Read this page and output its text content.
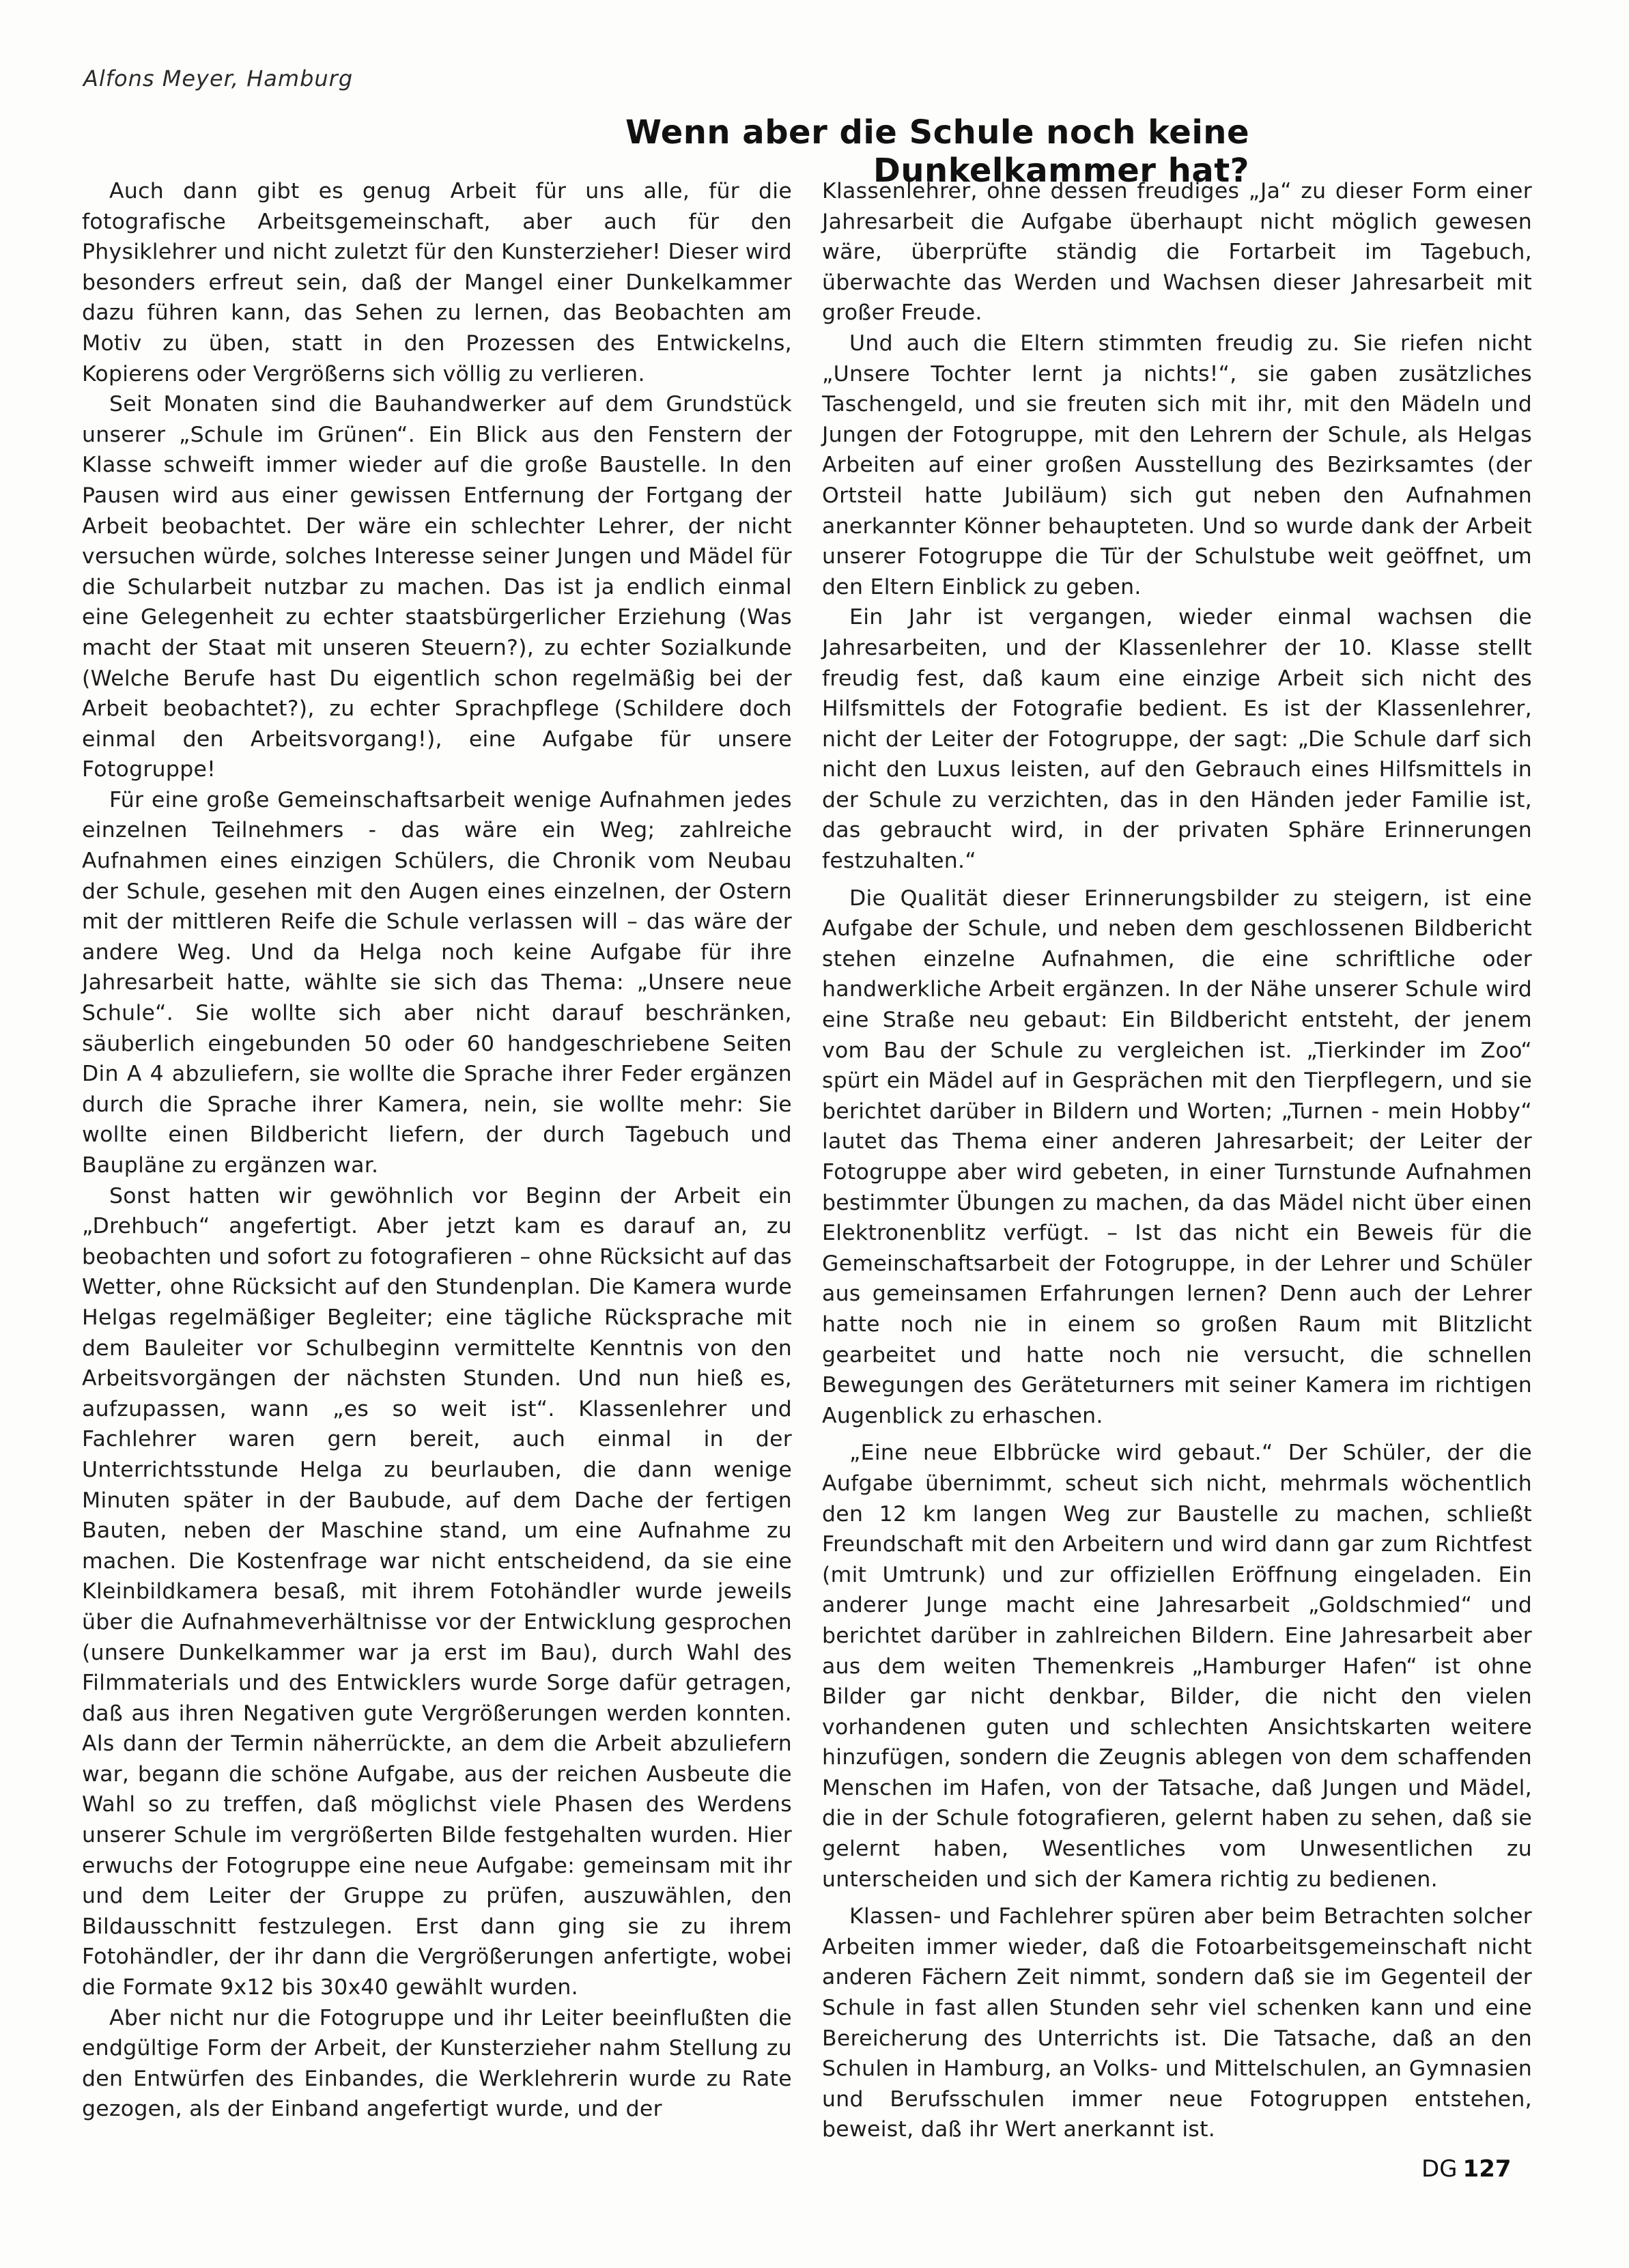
Alfons Meyer, Hamburg
Wenn aber die Schule noch keine Dunkelkammer hat?

Auch dann gibt es genug Arbeit für uns alle, für die fotografische Arbeitsgemeinschaft, aber auch für den Physiklehrer und nicht zuletzt für den Kunsterzieher! Dieser wird besonders erfreut sein, daß der Mangel einer Dunkelkammer dazu führen kann, das Sehen zu lernen, das Beobachten am Motiv zu üben, statt in den Prozessen des Entwickelns, Kopierens oder Vergrößerns sich völlig zu verlieren.

Seit Monaten sind die Bauhandwerker auf dem Grundstück unserer „Schule im Grünen“. Ein Blick aus den Fenstern der Klasse schweift immer wieder auf die große Baustelle. In den Pausen wird aus einer gewissen Entfernung der Fortgang der Arbeit beobachtet. Der wäre ein schlechter Lehrer, der nicht versuchen würde, solches Interesse seiner Jungen und Mädel für die Schularbeit nutzbar zu machen. Das ist ja endlich einmal eine Gelegenheit zu echter staatsbürgerlicher Erziehung (Was macht der Staat mit unseren Steuern?), zu echter Sozialkunde (Welche Berufe hast Du eigentlich schon regelmäßig bei der Arbeit beobachtet?), zu echter Sprachpflege (Schildere doch einmal den Arbeitsvorgang!), eine Aufgabe für unsere Fotogruppe!

Für eine große Gemeinschaftsarbeit wenige Aufnahmen jedes einzelnen Teilnehmers - das wäre ein Weg; zahlreiche Aufnahmen eines einzigen Schülers, die Chronik vom Neubau der Schule, gesehen mit den Augen eines einzelnen, der Ostern mit der mittleren Reife die Schule verlassen will – das wäre der andere Weg. Und da Helga noch keine Aufgabe für ihre Jahresarbeit hatte, wählte sie sich das Thema: „Unsere neue Schule“. Sie wollte sich aber nicht darauf beschränken, säuberlich eingebunden 50 oder 60 handgeschriebene Seiten Din A 4 abzuliefern, sie wollte die Sprache ihrer Feder ergänzen durch die Sprache ihrer Kamera, nein, sie wollte mehr: Sie wollte einen Bildbericht liefern, der durch Tagebuch und Baupläne zu ergänzen war.

Sonst hatten wir gewöhnlich vor Beginn der Arbeit ein „Drehbuch“ angefertigt. Aber jetzt kam es darauf an, zu beobachten und sofort zu fotografieren – ohne Rücksicht auf das Wetter, ohne Rücksicht auf den Stundenplan. Die Kamera wurde Helgas regelmäßiger Begleiter; eine tägliche Rücksprache mit dem Bauleiter vor Schulbeginn vermittelte Kenntnis von den Arbeitsvorgängen der nächsten Stunden. Und nun hieß es, aufzupassen, wann „es so weit ist“. Klassenlehrer und Fachlehrer waren gern bereit, auch einmal in der Unterrichtsstunde Helga zu beurlauben, die dann wenige Minuten später in der Baubude, auf dem Dache der fertigen Bauten, neben der Maschine stand, um eine Aufnahme zu machen. Die Kostenfrage war nicht entscheidend, da sie eine Kleinbildkamera besaß, mit ihrem Fotohändler wurde jeweils über die Aufnahmeverhältnisse vor der Entwicklung gesprochen (unsere Dunkelkammer war ja erst im Bau), durch Wahl des Filmmaterials und des Entwicklers wurde Sorge dafür getragen, daß aus ihren Negativen gute Vergrößerungen werden konnten. Als dann der Termin näherrückte, an dem die Arbeit abzuliefern war, begann die schöne Aufgabe, aus der reichen Ausbeute die Wahl so zu treffen, daß möglichst viele Phasen des Werdens unserer Schule im vergrößerten Bilde festgehalten wurden. Hier erwuchs der Fotogruppe eine neue Aufgabe: gemeinsam mit ihr und dem Leiter der Gruppe zu prüfen, auszuwählen, den Bildausschnitt festzulegen. Erst dann ging sie zu ihrem Fotohändler, der ihr dann die Vergrößerungen anfertigte, wobei die Formate 9x12 bis 30x40 gewählt wurden.

Aber nicht nur die Fotogruppe und ihr Leiter beeinflußten die endgültige Form der Arbeit, der Kunsterzieher nahm Stellung zu den Entwürfen des Einbandes, die Werklehrerin wurde zu Rate gezogen, als der Einband angefertigt wurde, und der

Klassenlehrer, ohne dessen freudiges „Ja“ zu dieser Form einer Jahresarbeit die Aufgabe überhaupt nicht möglich gewesen wäre, überprüfte ständig die Fortarbeit im Tagebuch, überwachte das Werden und Wachsen dieser Jahresarbeit mit großer Freude.

Und auch die Eltern stimmten freudig zu. Sie riefen nicht „Unsere Tochter lernt ja nichts!“, sie gaben zusätzliches Taschengeld, und sie freuten sich mit ihr, mit den Mädeln und Jungen der Fotogruppe, mit den Lehrern der Schule, als Helgas Arbeiten auf einer großen Ausstellung des Bezirksamtes (der Ortsteil hatte Jubiläum) sich gut neben den Aufnahmen anerkannter Könner behaupteten. Und so wurde dank der Arbeit unserer Fotogruppe die Tür der Schulstube weit geöffnet, um den Eltern Einblick zu geben.

Ein Jahr ist vergangen, wieder einmal wachsen die Jahresarbeiten, und der Klassenlehrer der 10. Klasse stellt freudig fest, daß kaum eine einzige Arbeit sich nicht des Hilfsmittels der Fotografie bedient. Es ist der Klassenlehrer, nicht der Leiter der Fotogruppe, der sagt: „Die Schule darf sich nicht den Luxus leisten, auf den Gebrauch eines Hilfsmittels in der Schule zu verzichten, das in den Händen jeder Familie ist, das gebraucht wird, in der privaten Sphäre Erinnerungen festzuhalten.“

Die Qualität dieser Erinnerungsbilder zu steigern, ist eine Aufgabe der Schule, und neben dem geschlossenen Bildbericht stehen einzelne Aufnahmen, die eine schriftliche oder handwerkliche Arbeit ergänzen. In der Nähe unserer Schule wird eine Straße neu gebaut: Ein Bildbericht entsteht, der jenem vom Bau der Schule zu vergleichen ist. „Tierkinder im Zoo“ spürt ein Mädel auf in Gesprächen mit den Tierpflegern, und sie berichtet darüber in Bildern und Worten; „Turnen - mein Hobby“ lautet das Thema einer anderen Jahresarbeit; der Leiter der Fotogruppe aber wird gebeten, in einer Turnstunde Aufnahmen bestimmter Übungen zu machen, da das Mädel nicht über einen Elektronenblitz verfügt. – Ist das nicht ein Beweis für die Gemeinschaftsarbeit der Fotogruppe, in der Lehrer und Schüler aus gemeinsamen Erfahrungen lernen? Denn auch der Lehrer hatte noch nie in einem so großen Raum mit Blitzlicht gearbeitet und hatte noch nie versucht, die schnellen Bewegungen des Geräteturners mit seiner Kamera im richtigen Augenblick zu erhaschen.

„Eine neue Elbbrücke wird gebaut.“ Der Schüler, der die Aufgabe übernimmt, scheut sich nicht, mehrmals wöchentlich den 12 km langen Weg zur Baustelle zu machen, schließt Freundschaft mit den Arbeitern und wird dann gar zum Richtfest (mit Umtrunk) und zur offiziellen Eröffnung eingeladen. Ein anderer Junge macht eine Jahresarbeit „Goldschmied“ und berichtet darüber in zahlreichen Bildern. Eine Jahresarbeit aber aus dem weiten Themenkreis „Hamburger Hafen“ ist ohne Bilder gar nicht denkbar, Bilder, die nicht den vielen vorhandenen guten und schlechten Ansichtskarten weitere hinzufügen, sondern die Zeugnis ablegen von dem schaffenden Menschen im Hafen, von der Tatsache, daß Jungen und Mädel, die in der Schule fotografieren, gelernt haben zu sehen, daß sie gelernt haben, Wesentliches vom Unwesentlichen zu unterscheiden und sich der Kamera richtig zu bedienen.

Klassen- und Fachlehrer spüren aber beim Betrachten solcher Arbeiten immer wieder, daß die Fotoarbeitsgemeinschaft nicht anderen Fächern Zeit nimmt, sondern daß sie im Gegenteil der Schule in fast allen Stunden sehr viel schenken kann und eine Bereicherung des Unterrichts ist. Die Tatsache, daß an den Schulen in Hamburg, an Volks- und Mittelschulen, an Gymnasien und Berufsschulen immer neue Fotogruppen entstehen, beweist, daß ihr Wert anerkannt ist.

DG 127
